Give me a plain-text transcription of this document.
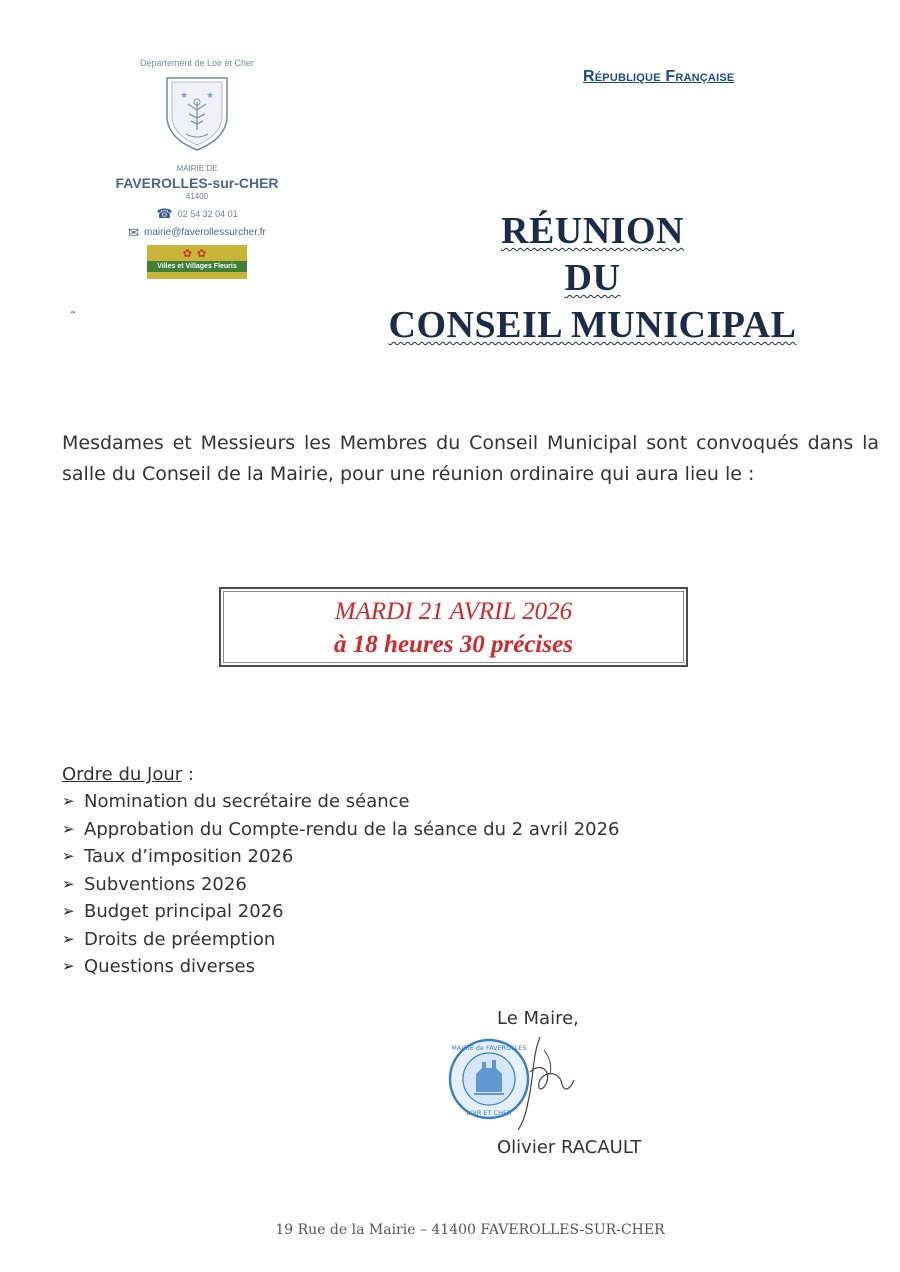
Département de Loir et Cher
★ ★
MAIRIE DE
FAVEROLLES-sur-CHER
41400
☎ 02 54 32 04 01
✉ mairie@faverollessurcher.fr
✿✿
Villes et Villages Fleuris
˜
République Française
RÉUNION
DU
CONSEIL MUNICIPAL
Mesdames et Messieurs les Membres du Conseil Municipal sont convoqués dans la salle du Conseil de la Mairie, pour une réunion ordinaire qui aura lieu le :
MARDI 21 AVRIL 2026
à 18 heures 30 précises
Ordre du Jour :
➢ Nomination du secrétaire de séance
➢ Approbation du Compte-rendu de la séance du 2 avril 2026
➢ Taux d’imposition 2026
➢ Subventions 2026
➢ Budget principal 2026
➢ Droits de préemption
➢ Questions diverses
Le Maire,
MAIRIE de FAVEROLLES
LOIR ET CHER
Olivier RACAULT
19 Rue de la Mairie – 41400 FAVEROLLES-SUR-CHER
